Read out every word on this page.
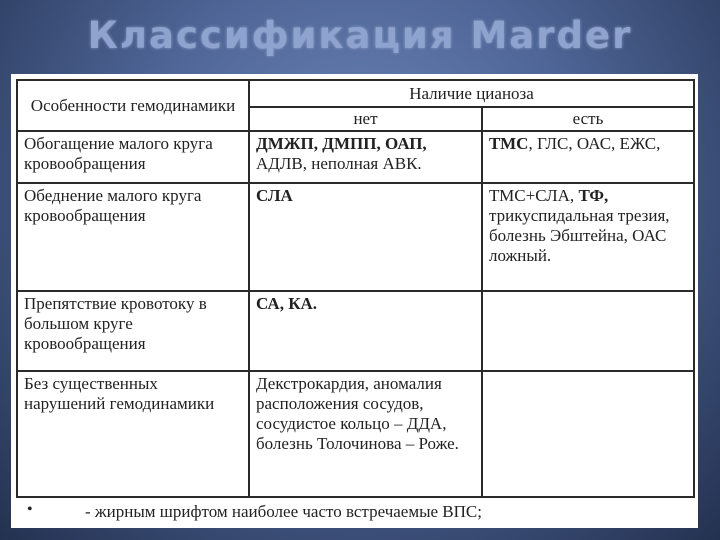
Классификация Marder
Особенности гемодинамики	Наличие цианоза	
	нет	есть
Обогащение малого круга кровообращения	ДМЖП, ДМПП, ОАП, АДЛВ, неполная АВК.	ТМС, ГЛС, ОАС, ЕЖС,
Обеднение малого круга кровообращения	СЛА	ТМС+СЛА, ТФ, трикуспидальная трезия, болезнь Эбштейна, ОАС ложный.
Препятствие кровотоку в большом круге кровообращения	СА, КА.	
Без существенных нарушений гемодинамики	Декстрокардия, аномалия расположения сосудов, сосудистое кольцо – ДДА, болезнь Толочинова – Роже.	
•	- жирным шрифтом наиболее часто встречаемые ВПС;
